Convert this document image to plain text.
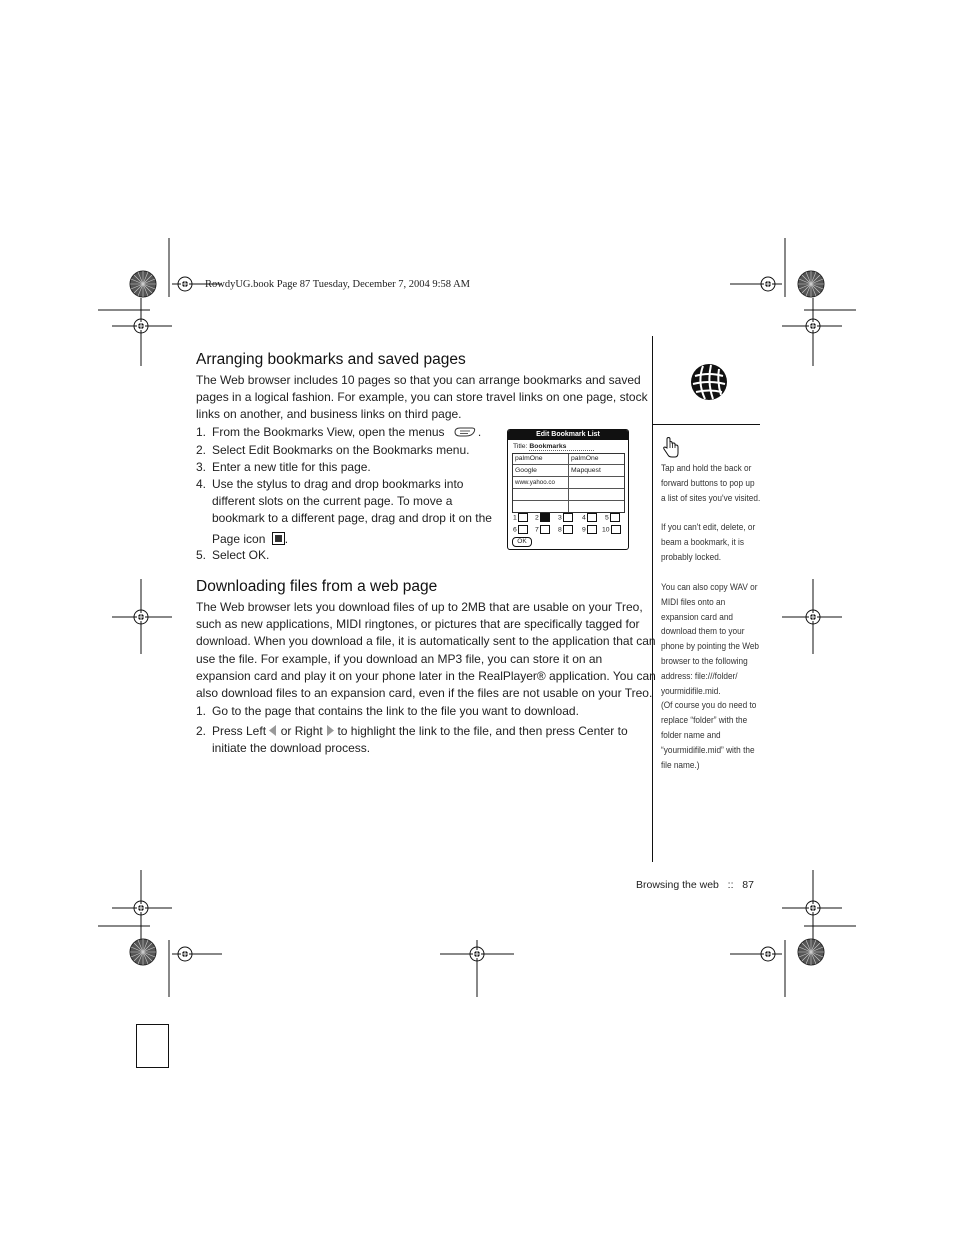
RowdyUG.book Page 87 Tuesday, December 7, 2004 9:58 AM
Tap and hold the back or
forward buttons to pop up
a list of sites you've visited.
If you can't edit, delete, or
beam a bookmark, it is
probably locked.
You can also copy WAV or
MIDI files onto an
expansion card and
download them to your
phone by pointing the Web
browser to the following
address: file:///folder/
yourmidifile.mid.
(Of course you do need to
replace “folder” with the
folder name and
“yourmidifile.mid” with the
file name.)
Arranging bookmarks and saved pages
The Web browser includes 10 pages so that you can arrange bookmarks and saved
pages in a logical fashion. For example, you can store travel links on one page, stock
links on another, and business links on third page.
1. From the Bookmarks View, open the menus	.
2. Select Edit Bookmarks on the Bookmarks menu.
3. Enter a new title for this page.
4. Use the stylus to drag and drop bookmarks into
different slots on the current page. To move a
bookmark to a different page, drag and drop it on the
Page icon .
5. Select OK.
Edit Bookmark List
Title: Bookmarks
palmOne	palmOne
Google	Mapquest
www.yahoo.co
1	2	3	4	5
6	7	8	9	10
OK
Downloading files from a web page
The Web browser lets you download files of up to 2MB that are usable on your Treo,
such as new applications, MIDI ringtones, or pictures that are specifically tagged for
download. When you download a file, it is automatically sent to the application that can
use the file. For example, if you download an MP3 file, you can store it on an
expansion card and play it on your phone later in the RealPlayer® application. You can
also download files to an expansion card, even if the files are not usable on your Treo.
1. Go to the page that contains the link to the file you want to download.
2. Press Left or Right to highlight the link to the file, and then press Center to
initiate the download process.
Browsing the web :: 87
